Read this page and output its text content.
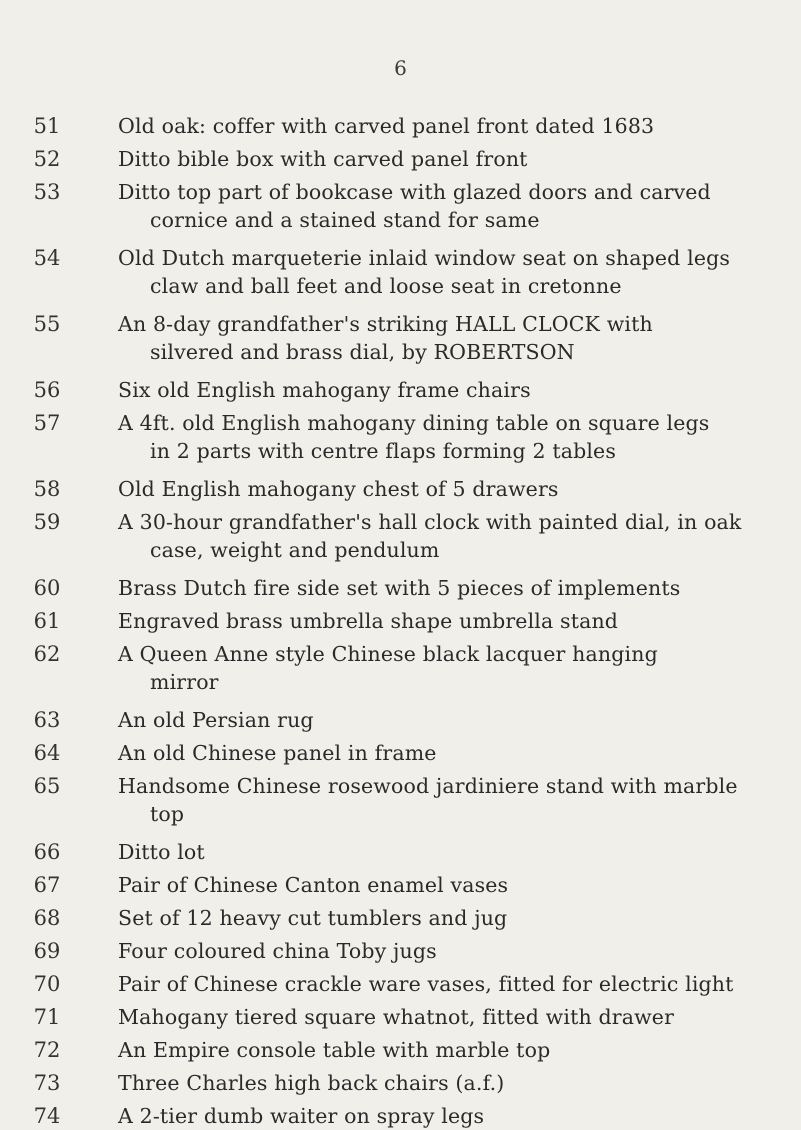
6
51	Old oak: coffer with carved panel front dated 1683
52	Ditto bible box with carved panel front
53	Ditto top part of bookcase with glazed doors and carved
cornice and a stained stand for same
54	Old Dutch marqueterie inlaid window seat on shaped legs
claw and ball feet and loose seat in cretonne
55	An 8-day grandfather's striking HALL CLOCK with
silvered and brass dial, by ROBERTSON
56	Six old English mahogany frame chairs
57	A 4ft. old English mahogany dining table on square legs
in 2 parts with centre flaps forming 2 tables
58	Old English mahogany chest of 5 drawers
59	A 30-hour grandfather's hall clock with painted dial, in oak
case, weight and pendulum
60	Brass Dutch fire side set with 5 pieces of implements
61	Engraved brass umbrella shape umbrella stand
62	A Queen Anne style Chinese black lacquer hanging
mirror
63	An old Persian rug
64	An old Chinese panel in frame
65	Handsome Chinese rosewood jardiniere stand with marble
top
66	Ditto lot
67	Pair of Chinese Canton enamel vases
68	Set of 12 heavy cut tumblers and jug
69	Four coloured china Toby jugs
70	Pair of Chinese crackle ware vases, fitted for electric light
71	Mahogany tiered square whatnot, fitted with drawer
72	An Empire console table with marble top
73	Three Charles high back chairs (a.f.)
74	A 2-tier dumb waiter on spray legs
